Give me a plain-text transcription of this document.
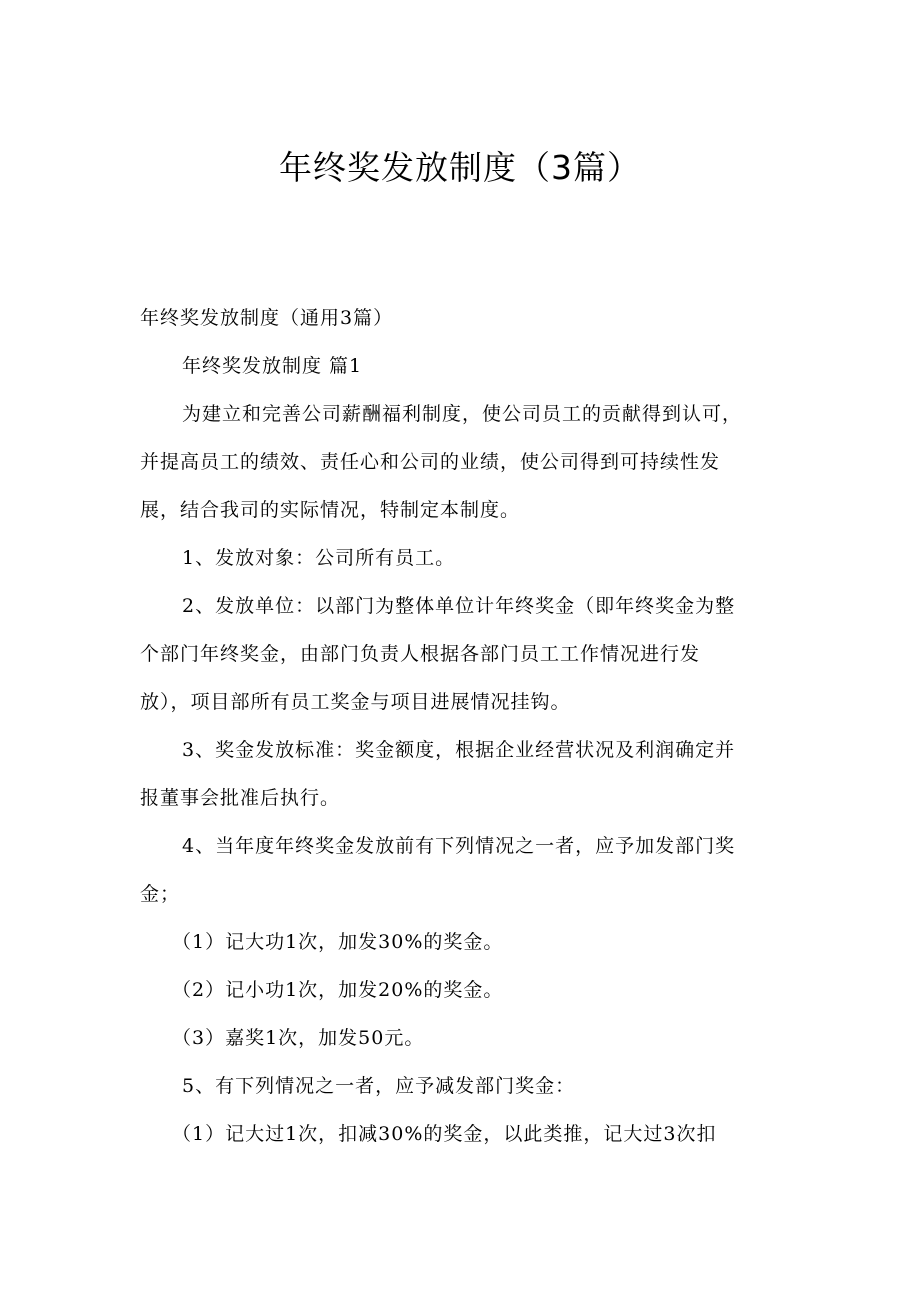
年终奖发放制度（3篇）

年终奖发放制度（通用3篇）

年终奖发放制度 篇1

为建立和完善公司薪酬福利制度，使公司员工的贡献得到认可，

并提高员工的绩效、责任心和公司的业绩，使公司得到可持续性发

展，结合我司的实际情况，特制定本制度。

1、发放对象：公司所有员工。

2、发放单位：以部门为整体单位计年终奖金（即年终奖金为整

个部门年终奖金，由部门负责人根据各部门员工工作情况进行发

放），项目部所有员工奖金与项目进展情况挂钩。

3、奖金发放标准：奖金额度，根据企业经营状况及利润确定并

报董事会批准后执行。

4、当年度年终奖金发放前有下列情况之一者，应予加发部门奖

金；

（1）记大功1次，加发30%的奖金。

（2）记小功1次，加发20%的奖金。

（3）嘉奖1次，加发50元。

5、有下列情况之一者，应予减发部门奖金：

（1）记大过1次，扣减30%的奖金，以此类推，记大过3次扣
